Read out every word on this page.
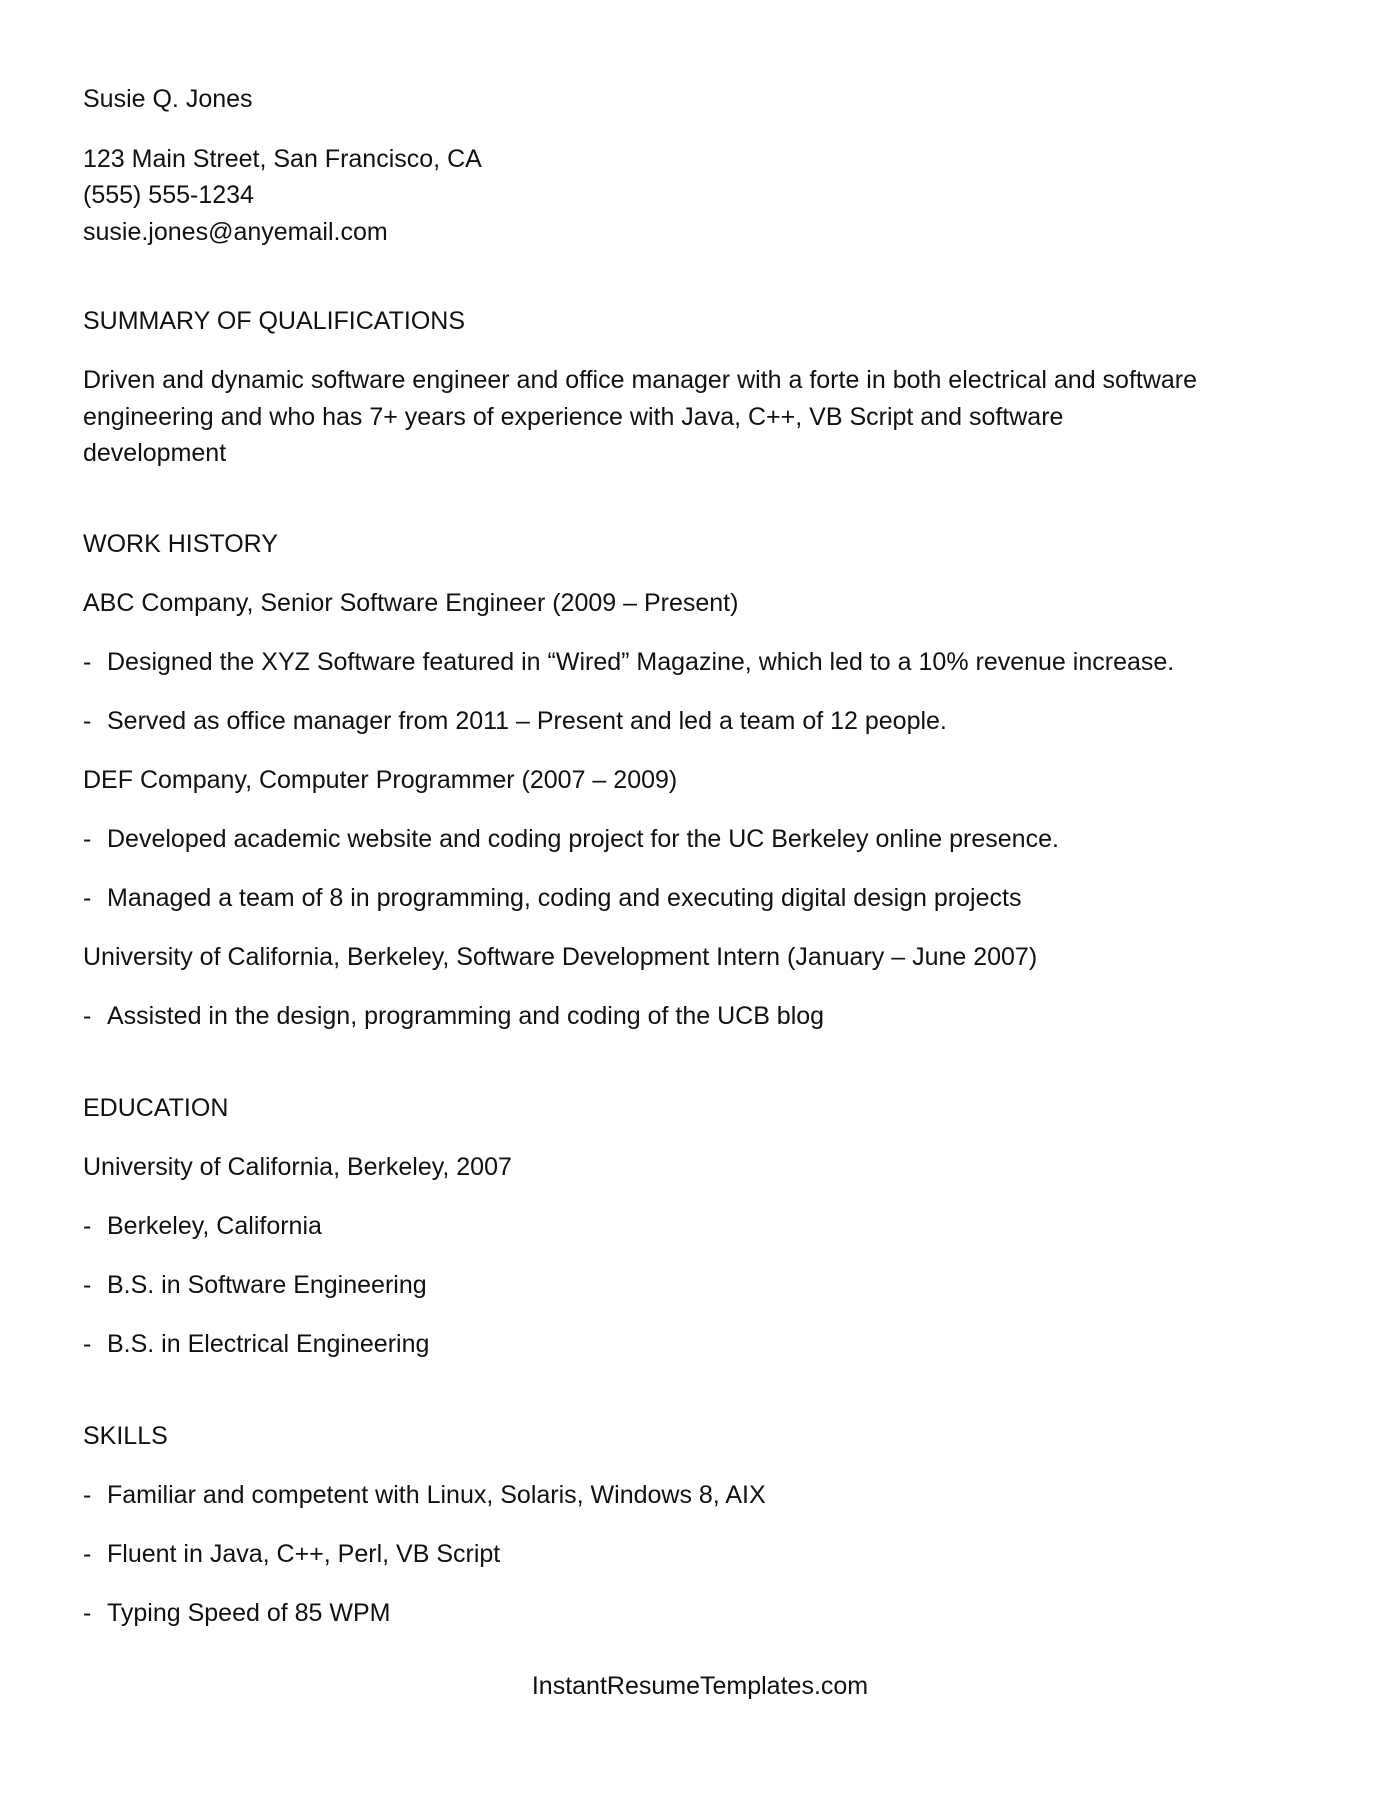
Susie Q. Jones
123 Main Street, San Francisco, CA
(555) 555-1234
susie.jones@anyemail.com
SUMMARY OF QUALIFICATIONS
Driven and dynamic software engineer and office manager with a forte in both electrical and software
engineering and who has 7+ years of experience with Java, C++, VB Script and software
development
WORK HISTORY
ABC Company, Senior Software Engineer (2009 – Present)
- Designed the XYZ Software featured in “Wired” Magazine, which led to a 10% revenue increase.
- Served as office manager from 2011 – Present and led a team of 12 people.
DEF Company, Computer Programmer (2007 – 2009)
- Developed academic website and coding project for the UC Berkeley online presence.
- Managed a team of 8 in programming, coding and executing digital design projects
University of California, Berkeley, Software Development Intern (January – June 2007)
- Assisted in the design, programming and coding of the UCB blog
EDUCATION
University of California, Berkeley, 2007
- Berkeley, California
- B.S. in Software Engineering
- B.S. in Electrical Engineering
SKILLS
- Familiar and competent with Linux, Solaris, Windows 8, AIX
- Fluent in Java, C++, Perl, VB Script
- Typing Speed of 85 WPM
InstantResumeTemplates.com
